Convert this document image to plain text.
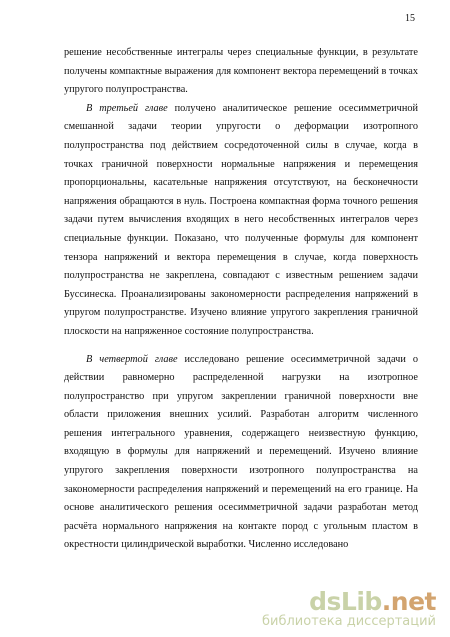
15

решение несобственные интегралы через специальные функции, в результате получены компактные выражения для компонент вектора перемещений в точках упругого полупространства.

В третьей главе получено аналитическое решение осесимметричной смешанной задачи теории упругости о деформации изотропного полупространства под действием сосредоточенной силы в случае, когда в точках граничной поверхности нормальные напряжения и перемещения пропорциональны, касательные напряжения отсутствуют, на бесконечности напряжения обращаются в нуль. Построена компактная форма точного решения задачи путем вычисления входящих в него несобственных интегралов через специальные функции. Показано, что полученные формулы для компонент тензора напряжений и вектора перемещения в случае, когда поверхность полупространства не закреплена, совпадают с известным решением задачи Буссинеска. Проанализированы закономерности распределения напряжений в упругом полупространстве. Изучено влияние упругого закрепления граничной плоскости на напряженное состояние полупространства.

В четвертой главе исследовано решение осесимметричной задачи о действии равномерно распределенной нагрузки на изотропное полупространство при упругом закреплении граничной поверхности вне области приложения внешних усилий. Разработан алгоритм численного решения интегрального уравнения, содержащего неизвестную функцию, входящую в формулы для напряжений и перемещений. Изучено влияние упругого закрепления поверхности изотропного полупространства на закономерности распределения напряжений и перемещений на его границе. На основе аналитического решения осесимметричной задачи разработан метод расчёта нормального напряжения на контакте пород с угольным пластом в окрестности цилиндрической выработки. Численно исследовано

dsLib.net
библиотека диссертаций
